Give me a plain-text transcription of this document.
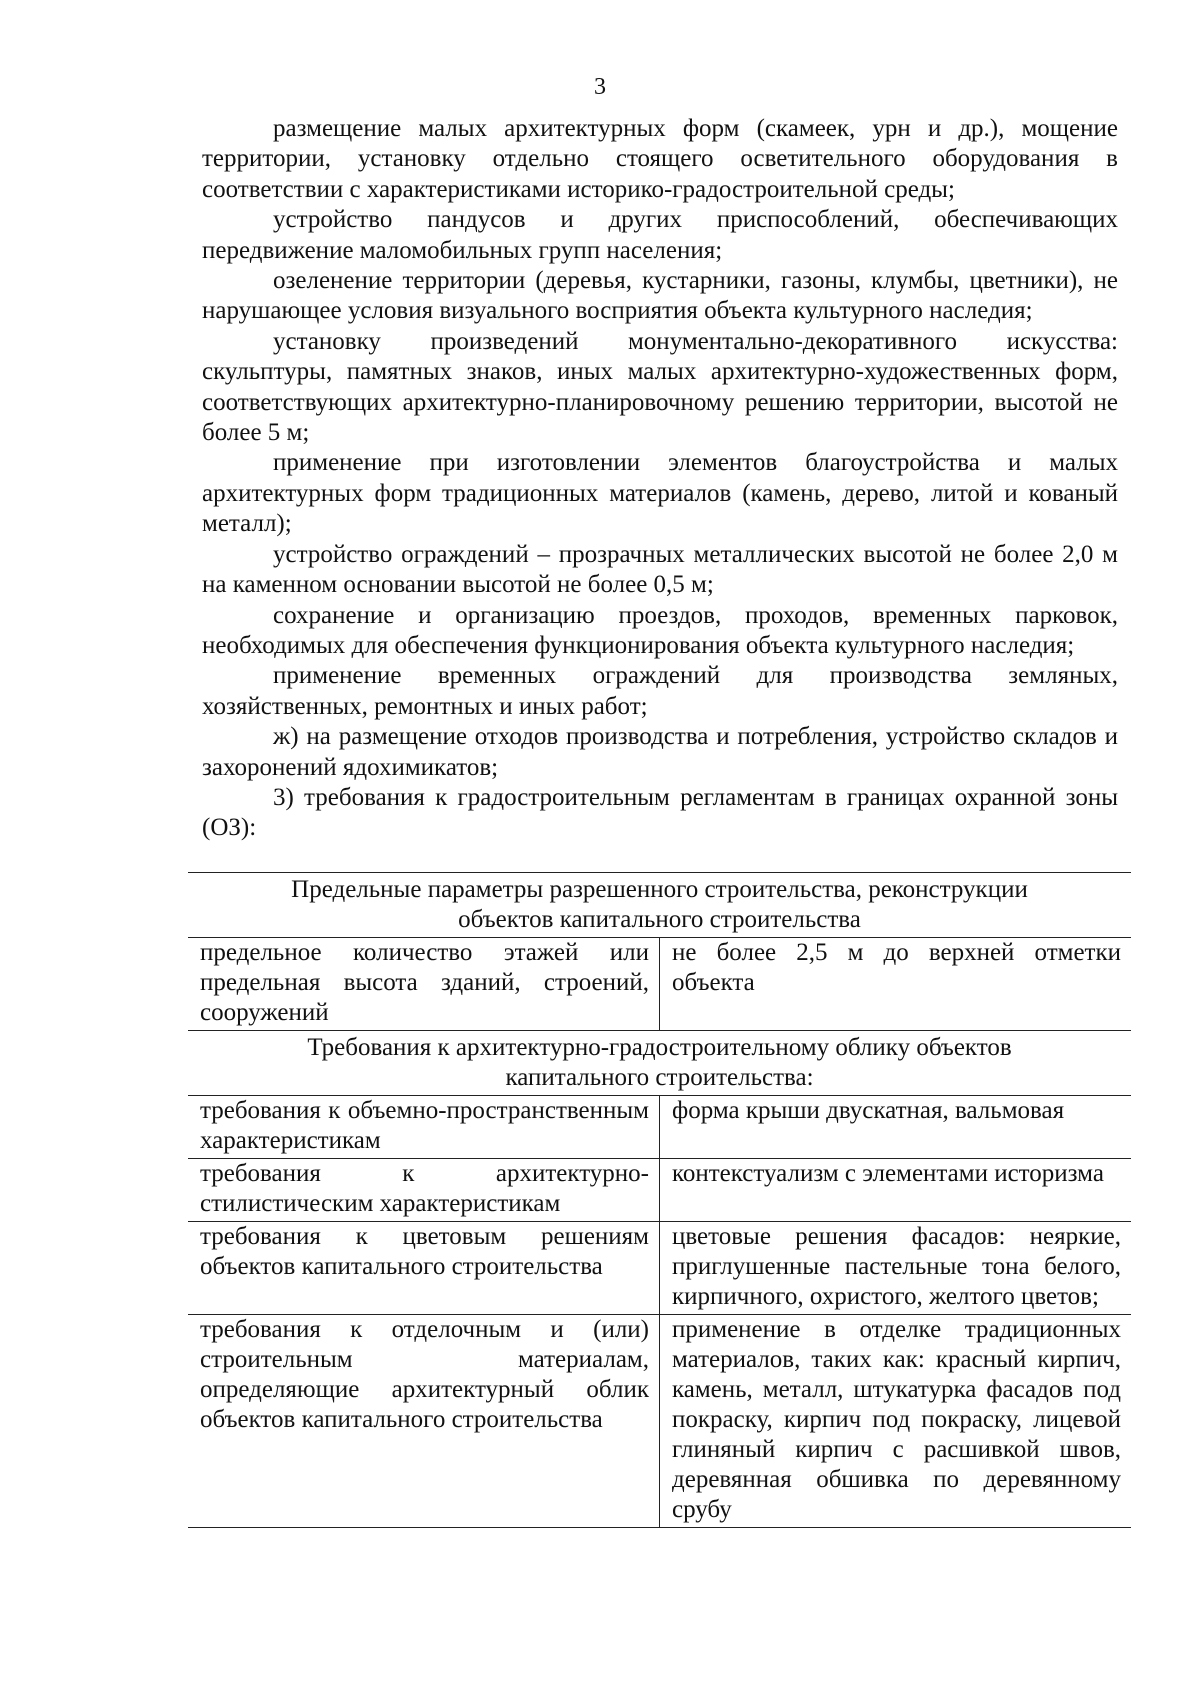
3

размещение малых архитектурных форм (скамеек, урн и др.), мощение территории, установку отдельно стоящего осветительного оборудования в соответствии с характеристиками историко-градостроительной среды;

устройство пандусов и других приспособлений, обеспечивающих передвижение маломобильных групп населения;

озеленение территории (деревья, кустарники, газоны, клумбы, цветники), не нарушающее условия визуального восприятия объекта культурного наследия;

установку произведений монументально-декоративного искусства: скульптуры, памятных знаков, иных малых архитектурно-художественных форм, соответствующих архитектурно-планировочному решению территории, высотой не более 5 м;

применение при изготовлении элементов благоустройства и малых архитектурных форм традиционных материалов (камень, дерево, литой и кованый металл);

устройство ограждений – прозрачных металлических высотой не более 2,0 м на каменном основании высотой не более 0,5 м;

сохранение и организацию проездов, проходов, временных парковок, необходимых для обеспечения функционирования объекта культурного наследия;

применение временных ограждений для производства земляных, хозяйственных, ремонтных и иных работ;

ж) на размещение отходов производства и потребления, устройство складов и захоронений ядохимикатов;

3) требования к градостроительным регламентам в границах охранной зоны (ОЗ):

Предельные параметры разрешенного строительства, реконструкции объектов капитального строительства	
предельное количество этажей или предельная высота зданий, строений, сооружений	не более 2,5 м до верхней отметки объекта
Требования к архитектурно-градостроительному облику объектов капитального строительства:	
требования к объемно-пространственным характеристикам	форма крыши двускатная, вальмовая
требования к архитектурно-стилистическим характеристикам	контекстуализм с элементами историзма
требования к цветовым решениям объектов капитального строительства	цветовые решения фасадов: неяркие, приглушенные пастельные тона белого, кирпичного, охристого, желтого цветов;
требования к отделочным и (или) строительным материалам, определяющие архитектурный облик объектов капитального строительства	применение в отделке традиционных материалов, таких как: красный кирпич, камень, металл, штукатурка фасадов под покраску, кирпич под покраску, лицевой глиняный кирпич с расшивкой швов, деревянная обшивка по деревянному срубу
